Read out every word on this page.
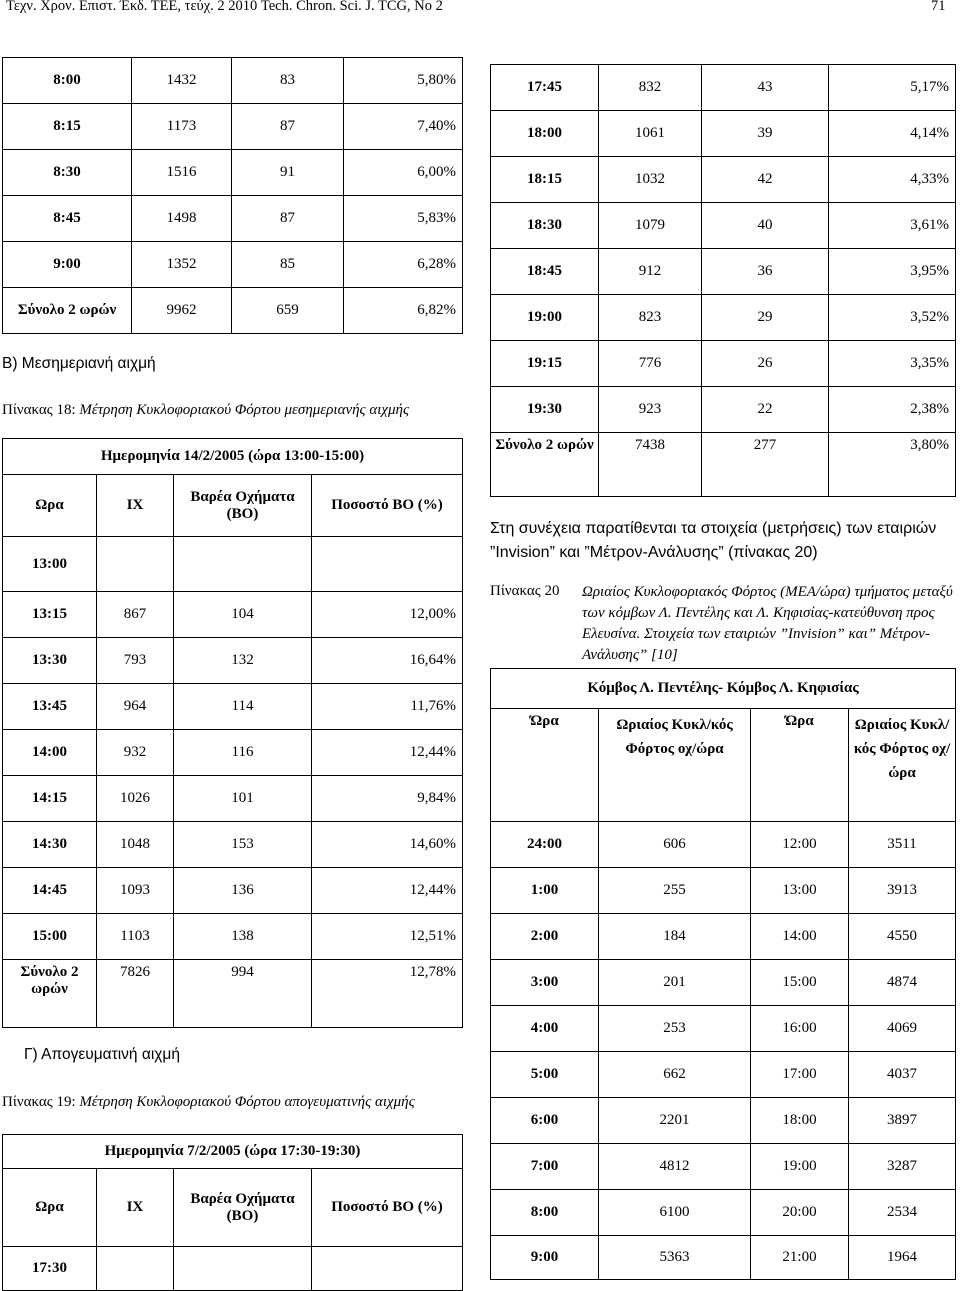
Τεχν. Χρον. Επιστ. Έκδ. ΤΕΕ, τεύχ. 2 2010 Tech. Chron. Sci. J. TCG, No 2	71
8:00	1432	83	5,80%
8:15	1173	87	7,40%
8:30	1516	91	6,00%
8:45	1498	87	5,83%
9:00	1352	85	6,28%
Σύνολο 2 ωρών	9962	659	6,82%
Β) Μεσημεριανή αιχμή
Πίνακας 18: Μέτρηση Κυκλοφοριακού Φόρτου μεσημεριανής αιχμής
Ημερομηνία 14/2/2005 (ώρα 13:00-15:00)			
Ωρα	ΙΧ	Βαρέα Οχήματα (ΒΟ)	Ποσοστό ΒΟ (%)
13:00			
13:15	867	104	12,00%
13:30	793	132	16,64%
13:45	964	114	11,76%
14:00	932	116	12,44%
14:15	1026	101	9,84%
14:30	1048	153	14,60%
14:45	1093	136	12,44%
15:00	1103	138	12,51%
Σύνολο 2 ωρών	7826	994	12,78%
Γ) Απογευματινή αιχμή
Πίνακας 19: Μέτρηση Κυκλοφοριακού Φόρτου απογευματινής αιχμής
Ημερομηνία 7/2/2005 (ώρα 17:30-19:30)			
Ωρα	ΙΧ	Βαρέα Οχήματα (ΒΟ)	Ποσοστό ΒΟ (%)
17:30			
17:45	832	43	5,17%
18:00	1061	39	4,14%
18:15	1032	42	4,33%
18:30	1079	40	3,61%
18:45	912	36	3,95%
19:00	823	29	3,52%
19:15	776	26	3,35%
19:30	923	22	2,38%
Σύνολο 2 ωρών	7438	277	3,80%
Στη συνέχεια παρατίθενται τα στοιχεία (μετρήσεις) των εταιριών ”Invision” και ”Μέτρον-Ανάλυσης” (πίνακας 20)
Πίνακας 20	Ωριαίος Κυκλοφοριακός Φόρτος (ΜΕΑ/ώρα) τμήματος μεταξύ των κόμβων Λ. Πεντέλης και Λ. Κηφισίας-κατεύθυνση προς Ελευσίνα. Στοιχεία των εταιριών ”Invision” και” Μέτρον-Ανάλυσης” [10]
Κόμβος Λ. Πεντέλης- Κόμβος Λ. Κηφισίας			
Ώρα	Ωριαίος Κυκλ/κός Φόρτος οχ/ώρα	Ώρα	Ωριαίος Κυκλ/κός Φόρτος οχ/ ώρα
24:00	606	12:00	3511
1:00	255	13:00	3913
2:00	184	14:00	4550
3:00	201	15:00	4874
4:00	253	16:00	4069
5:00	662	17:00	4037
6:00	2201	18:00	3897
7:00	4812	19:00	3287
8:00	6100	20:00	2534
9:00	5363	21:00	1964
